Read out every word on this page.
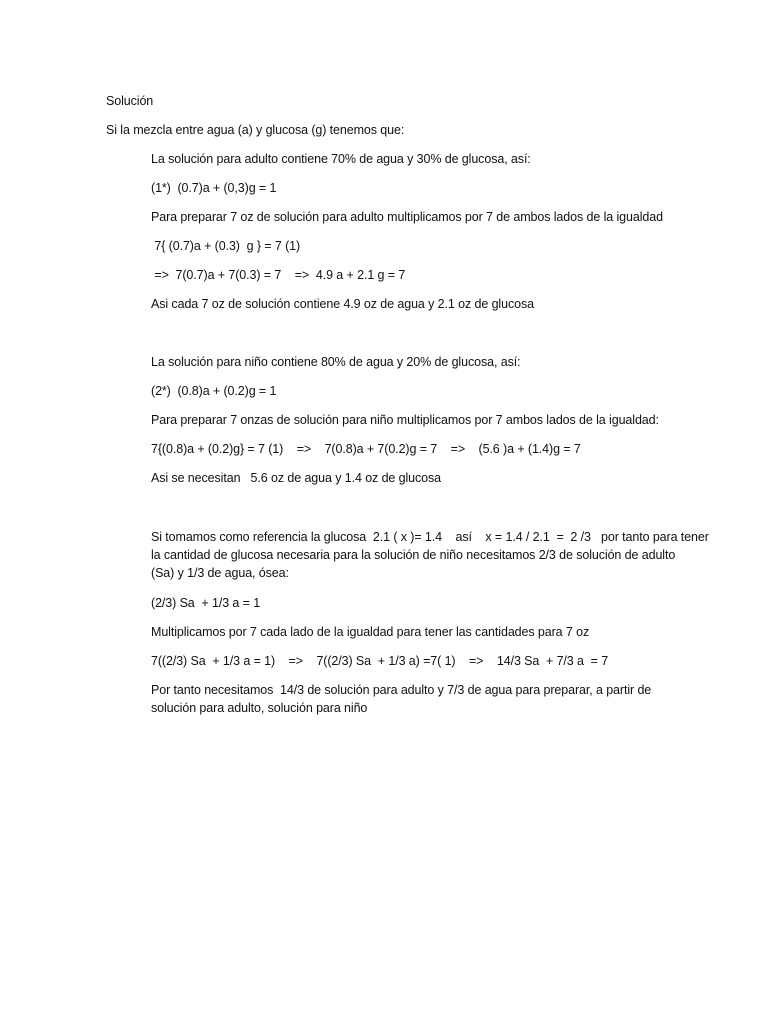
Solución
Si la mezcla entre agua (a) y glucosa (g) tenemos que:
La solución para adulto contiene 70% de agua y 30% de glucosa, así:
(1*)  (0.7)a + (0,3)g = 1
Para preparar 7 oz de solución para adulto multiplicamos por 7 de ambos lados de la igualdad
7{ (0.7)a + (0.3)  g } = 7 (1)
=>  7(0.7)a + 7(0.3) = 7    =>  4.9 a + 2.1 g = 7
Asi cada 7 oz de solución contiene 4.9 oz de agua y 2.1 oz de glucosa
La solución para niño contiene 80% de agua y 20% de glucosa, así:
(2*)  (0.8)a + (0.2)g = 1
Para preparar 7 onzas de solución para niño multiplicamos por 7 ambos lados de la igualdad:
7{(0.8)a + (0.2)g} = 7 (1)    =>    7(0.8)a + 7(0.2)g = 7    =>    (5.6 )a + (1.4)g = 7
Asi se necesitan   5.6 oz de agua y 1.4 oz de glucosa
Si tomamos como referencia la glucosa  2.1 ( x )= 1.4    así    x = 1.4 / 2.1  =  2 /3   por tanto para tener
la cantidad de glucosa necesaria para la solución de niño necesitamos 2/3 de solución de adulto
(Sa) y 1/3 de agua, ósea:
(2/3) Sa  + 1/3 a = 1
Multiplicamos por 7 cada lado de la igualdad para tener las cantidades para 7 oz
7((2/3) Sa  + 1/3 a = 1)    =>    7((2/3) Sa  + 1/3 a) =7( 1)    =>    14/3 Sa  + 7/3 a  = 7
Por tanto necesitamos  14/3 de solución para adulto y 7/3 de agua para preparar, a partir de
solución para adulto, solución para niño
